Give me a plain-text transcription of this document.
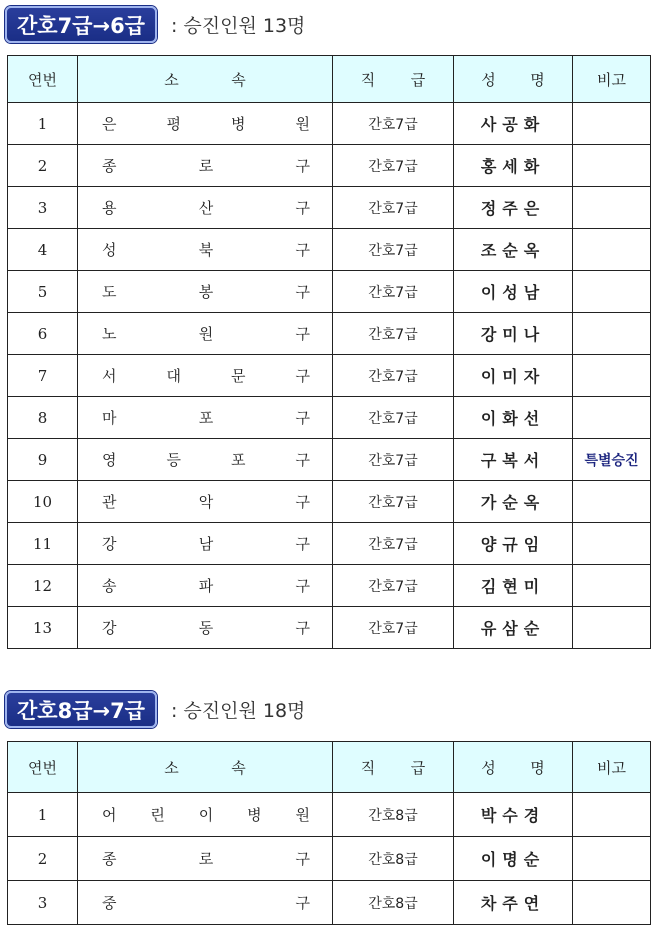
간호7급→6급	: 승진인원 13명
연번	소 속	직 급	성 명	비고
1	은 평 병 원	간호7급	사공화	
2	종 로 구	간호7급	홍세화	
3	용 산 구	간호7급	정주은	
4	성 북 구	간호7급	조순옥	
5	도 봉 구	간호7급	이성남	
6	노 원 구	간호7급	강미나	
7	서 대 문 구	간호7급	이미자	
8	마 포 구	간호7급	이화선	
9	영 등 포 구	간호7급	구복서	특별승진
10	관 악 구	간호7급	가순옥	
11	강 남 구	간호7급	양규임	
12	송 파 구	간호7급	김현미	
13	강 동 구	간호7급	유삼순	
간호8급→7급	: 승진인원 18명
연번	소 속	직 급	성 명	비고
1	어 린 이 병 원	간호8급	박수경	
2	종 로 구	간호8급	이명순	
3	중 구	간호8급	차주연	
